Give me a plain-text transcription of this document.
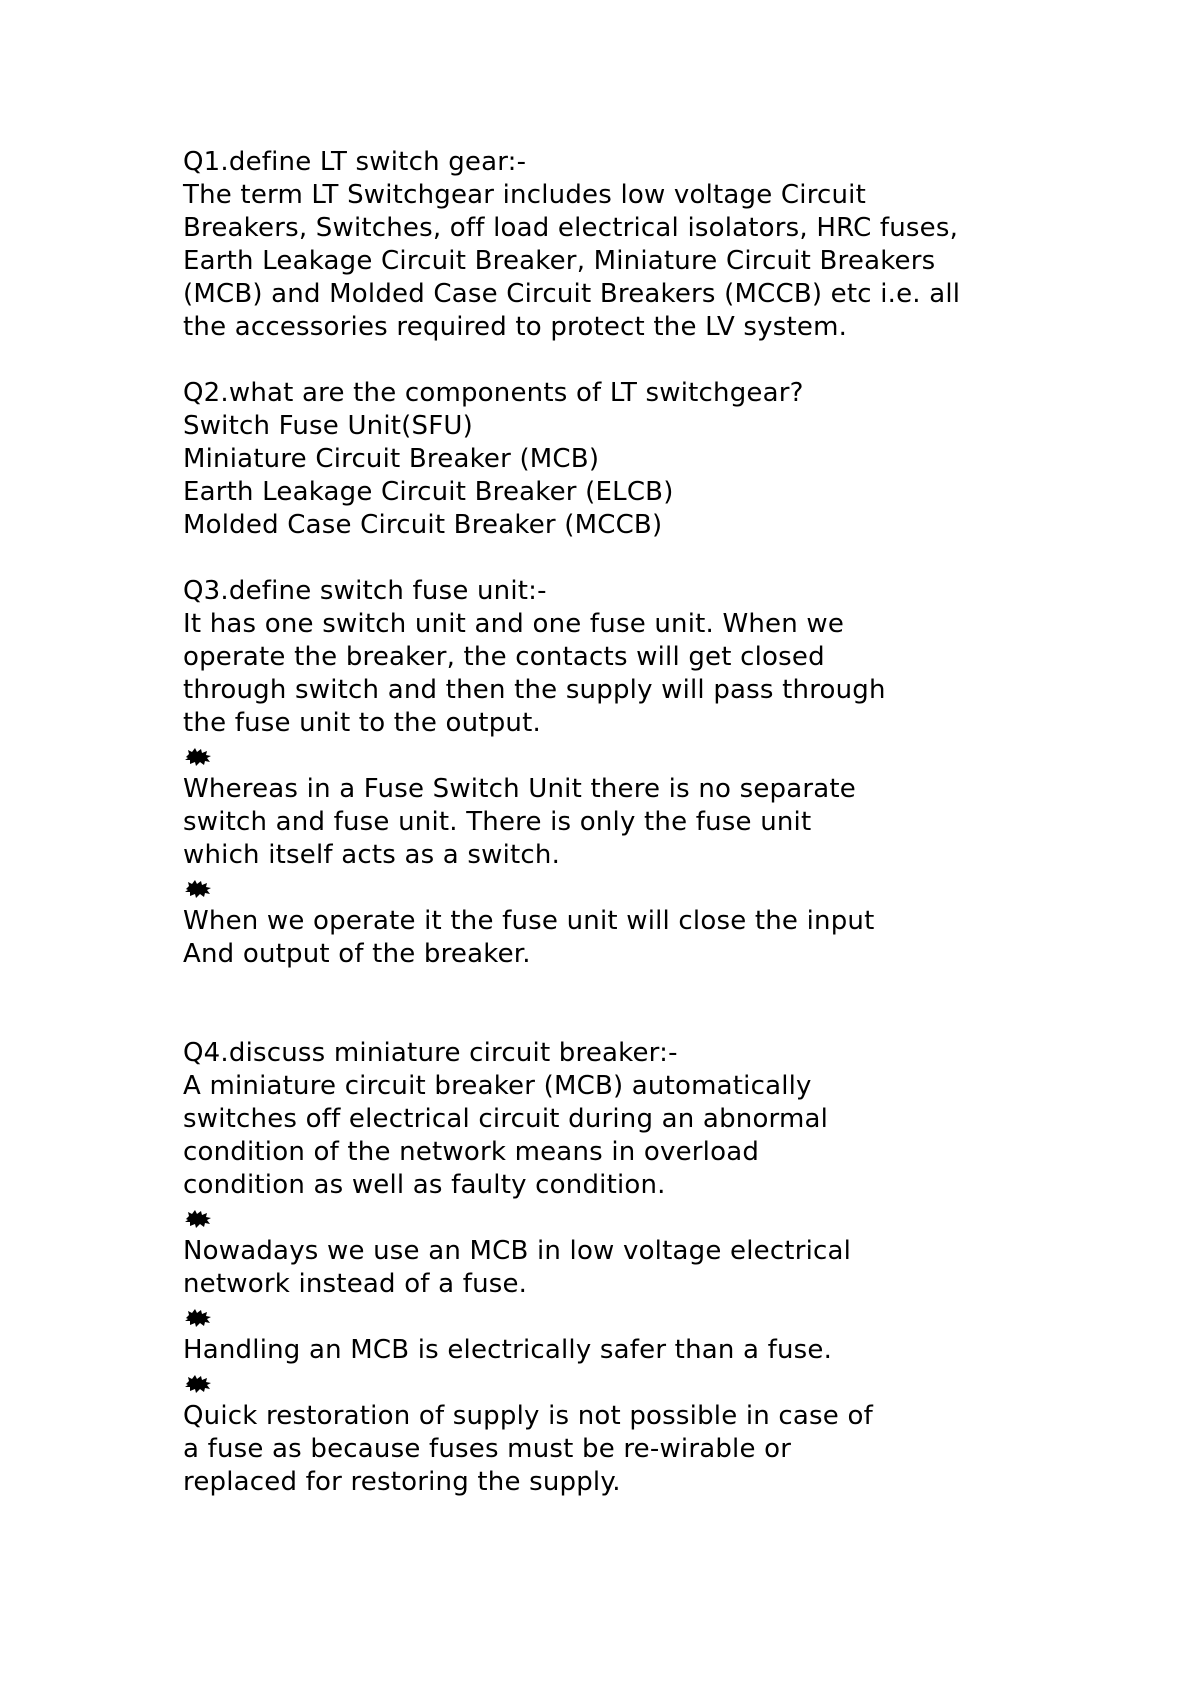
Q1.define LT switch gear:-
The term LT Switchgear includes low voltage Circuit
Breakers, Switches, off load electrical isolators, HRC fuses,
Earth Leakage Circuit Breaker, Miniature Circuit Breakers
(MCB) and Molded Case Circuit Breakers (MCCB) etc i.e. all
the accessories required to protect the LV system.
Q2.what are the components of LT switchgear?
Switch Fuse Unit(SFU)
Miniature Circuit Breaker (MCB)
Earth Leakage Circuit Breaker (ELCB)
Molded Case Circuit Breaker (MCCB)
Q3.define switch fuse unit:-
It has one switch unit and one fuse unit. When we
operate the breaker, the contacts will get closed
through switch and then the supply will pass through
the fuse unit to the output.
Whereas in a Fuse Switch Unit there is no separate
switch and fuse unit. There is only the fuse unit
which itself acts as a switch.
When we operate it the fuse unit will close the input
And output of the breaker.
Q4.discuss miniature circuit breaker:-
A miniature circuit breaker (MCB) automatically
switches off electrical circuit during an abnormal
condition of the network means in overload
condition as well as faulty condition.
Nowadays we use an MCB in low voltage electrical
network instead of a fuse.
Handling an MCB is electrically safer than a fuse.
Quick restoration of supply is not possible in case of
a fuse as because fuses must be re-wirable or
replaced for restoring the supply.
